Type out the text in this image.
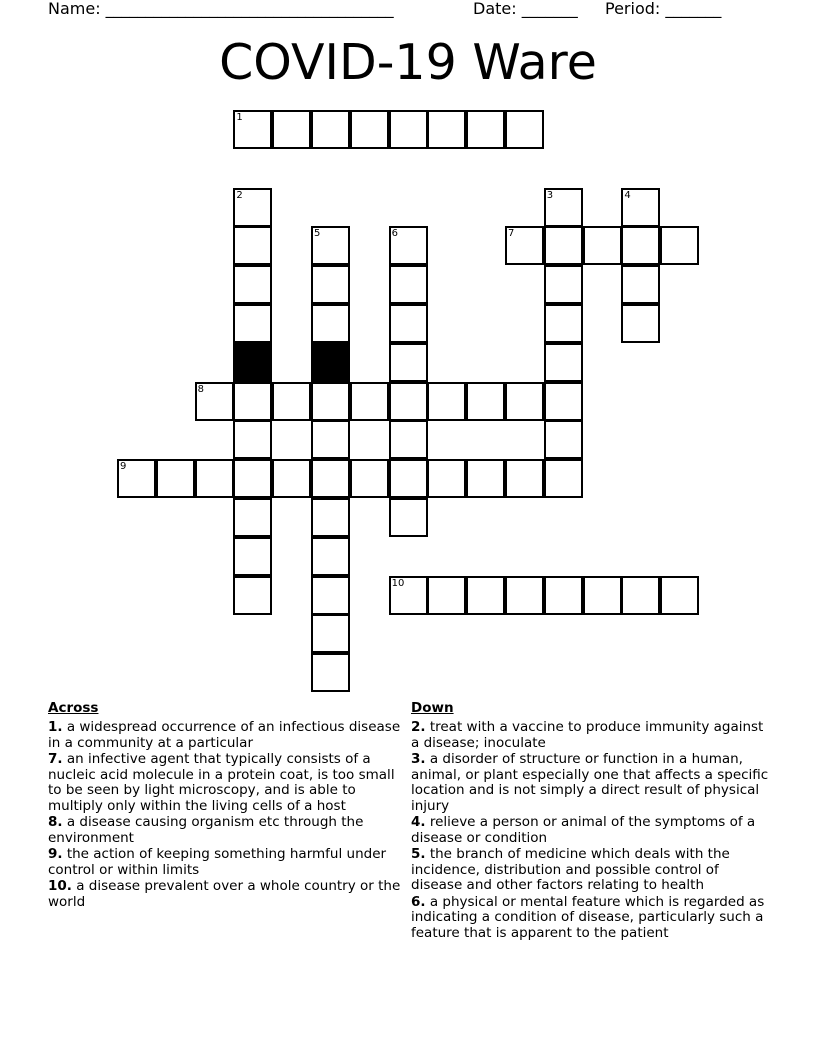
Name: ____________________________________	Date: _______ Period: _______
COVID-19 Ware
1
2	3	4
5	6	7
8
9
10
Across
1. a widespread occurrence of an infectious disease in a community at a particular
7. an infective agent that typically consists of a nucleic acid molecule in a protein coat, is too small to be seen by light microscopy, and is able to multiply only within the living cells of a host
8. a disease causing organism etc through the environment
9. the action of keeping something harmful under control or within limits
10. a disease prevalent over a whole country or the world
Down
2. treat with a vaccine to produce immunity against a disease; inoculate
3. a disorder of structure or function in a human, animal, or plant especially one that affects a specific location and is not simply a direct result of physical injury
4. relieve a person or animal of the symptoms of a disease or condition
5. the branch of medicine which deals with the incidence, distribution and possible control of disease and other factors relating to health
6. a physical or mental feature which is regarded as indicating a condition of disease, particularly such a feature that is apparent to the patient
